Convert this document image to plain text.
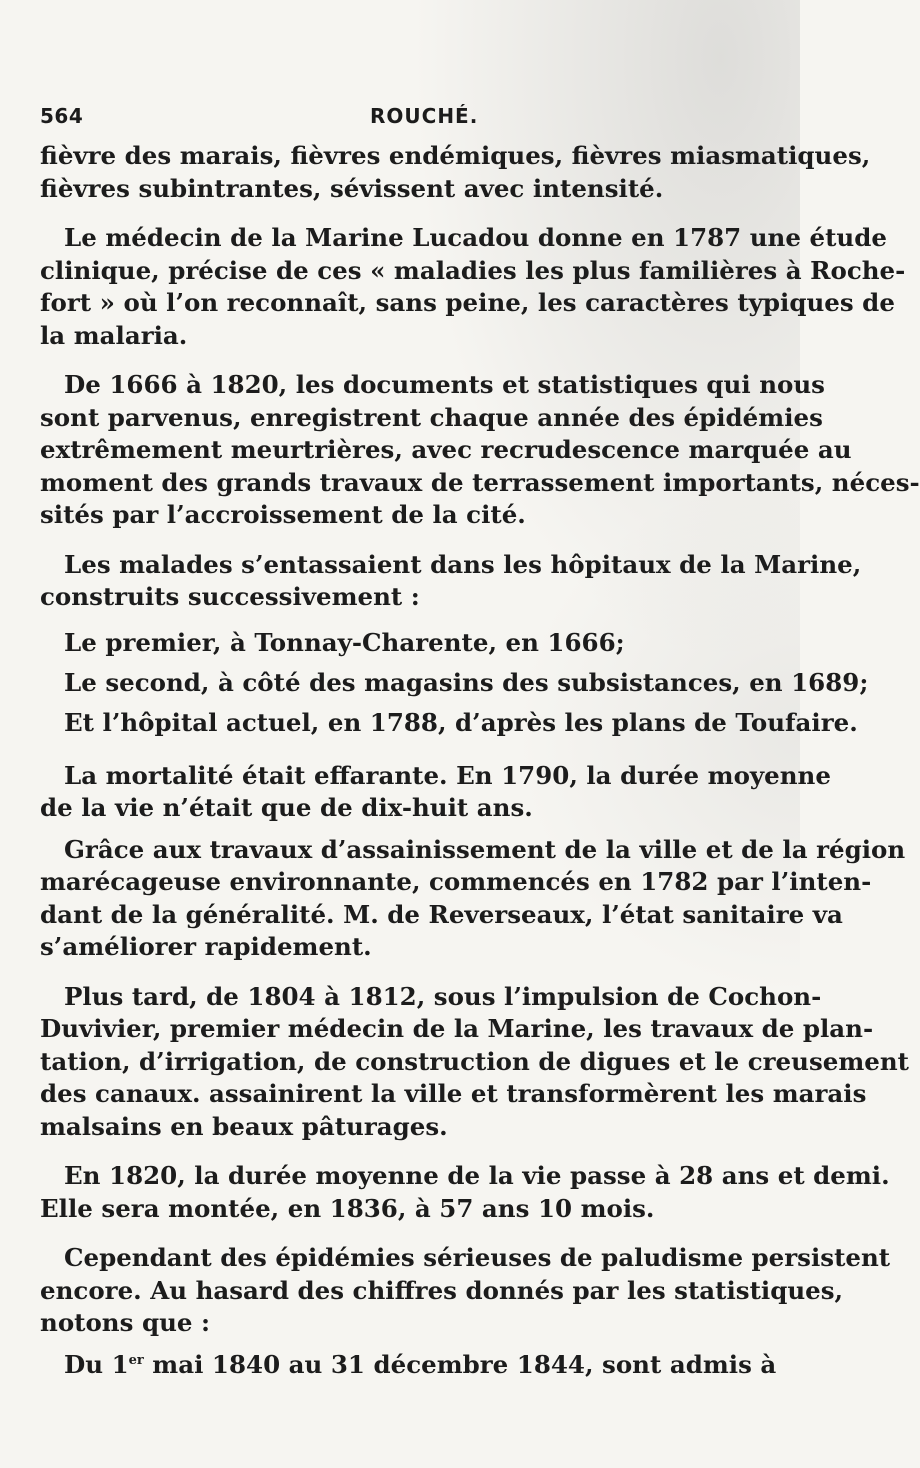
564	ROUCHÉ.
fièvre des marais, fièvres endémiques, fièvres miasmatiques,
fièvres subintrantes, sévissent avec intensité.
Le médecin de la Marine Lucadou donne en 1787 une étude
clinique, précise de ces « maladies les plus familières à Roche-
fort » où l’on reconnaît, sans peine, les caractères typiques de
la malaria.
De 1666 à 1820, les documents et statistiques qui nous
sont parvenus, enregistrent chaque année des épidémies
extrêmement meurtrières, avec recrudescence marquée au
moment des grands travaux de terrassement importants, néces-
sités par l’accroissement de la cité.
Les malades s’entassaient dans les hôpitaux de la Marine,
construits successivement :
Le premier, à Tonnay-Charente, en 1666;
Le second, à côté des magasins des subsistances, en 1689;
Et l’hôpital actuel, en 1788, d’après les plans de Toufaire.
La mortalité était effarante. En 1790, la durée moyenne
de la vie n’était que de dix-huit ans.
Grâce aux travaux d’assainissement de la ville et de la région
marécageuse environnante, commencés en 1782 par l’inten-
dant de la généralité. M. de Reverseaux, l’état sanitaire va
s’améliorer rapidement.
Plus tard, de 1804 à 1812, sous l’impulsion de Cochon-
Duvivier, premier médecin de la Marine, les travaux de plan-
tation, d’irrigation, de construction de digues et le creusement
des canaux. assainirent la ville et transformèrent les marais
malsains en beaux pâturages.
En 1820, la durée moyenne de la vie passe à 28 ans et demi.
Elle sera montée, en 1836, à 57 ans 10 mois.
Cependant des épidémies sérieuses de paludisme persistent
encore. Au hasard des chiffres donnés par les statistiques,
notons que :
Du 1er mai 1840 au 31 décembre 1844, sont admis à
